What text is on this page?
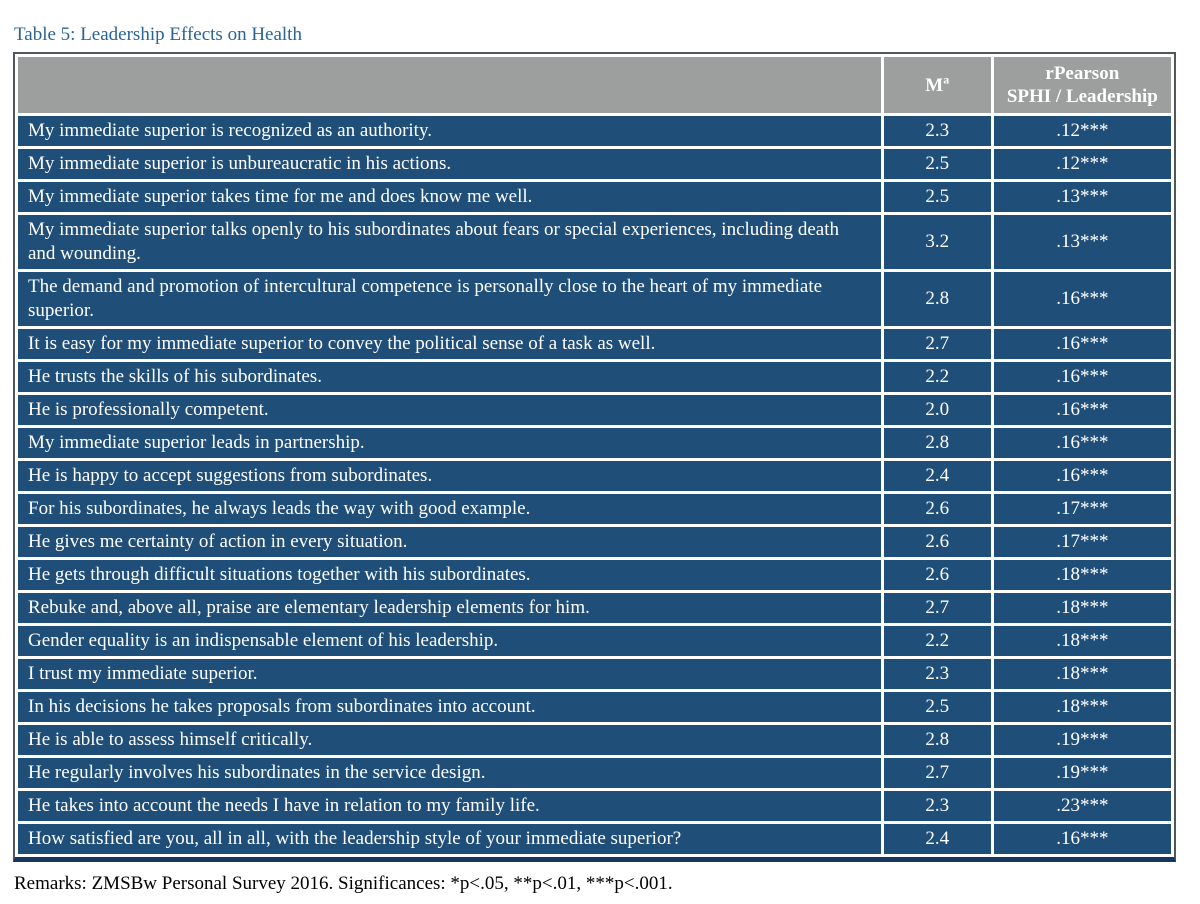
Table 5: Leadership Effects on Health
	$M^a$	rPearson
SPHI / Leadership
My immediate superior is recognized as an authority.	2.3	.12***
My immediate superior is unbureaucratic in his actions.	2.5	.12***
My immediate superior takes time for me and does know me well.	2.5	.13***
My immediate superior talks openly to his subordinates about fears or special experiences, including death and wounding.	3.2	.13***
The demand and promotion of intercultural competence is personally close to the heart of my immediate superior.	2.8	.16***
It is easy for my immediate superior to convey the political sense of a task as well.	2.7	.16***
He trusts the skills of his subordinates.	2.2	.16***
He is professionally competent.	2.0	.16***
My immediate superior leads in partnership.	2.8	.16***
He is happy to accept suggestions from subordinates.	2.4	.16***
For his subordinates, he always leads the way with good example.	2.6	.17***
He gives me certainty of action in every situation.	2.6	.17***
He gets through difficult situations together with his subordinates.	2.6	.18***
Rebuke and, above all, praise are elementary leadership elements for him.	2.7	.18***
Gender equality is an indispensable element of his leadership.	2.2	.18***
I trust my immediate superior.	2.3	.18***
In his decisions he takes proposals from subordinates into account.	2.5	.18***
He is able to assess himself critically.	2.8	.19***
He regularly involves his subordinates in the service design.	2.7	.19***
He takes into account the needs I have in relation to my family life.	2.3	.23***
How satisfied are you, all in all, with the leadership style of your immediate superior?	2.4	.16***
Remarks: ZMSBw Personal Survey 2016. Significances: *p<.05, **p<.01, ***p<.001.
